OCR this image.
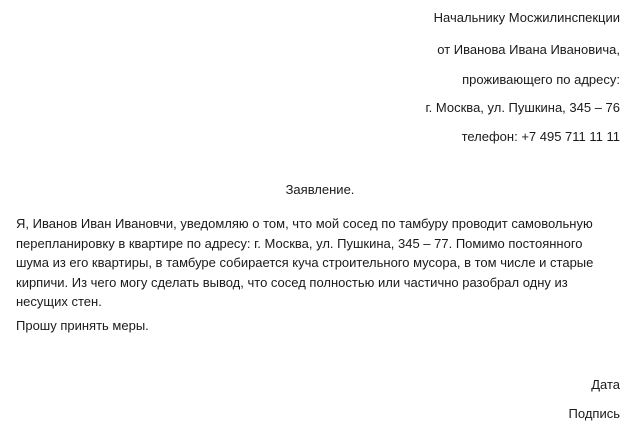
Начальнику Мосжилинспекции
от Иванова Ивана Ивановича,
проживающего по адресу:
г. Москва, ул. Пушкина, 345 – 76
телефон: +7 495 711 11 11
Заявление.
Я, Иванов Иван Ивановчи, уведомляю о том, что мой сосед по тамбуру проводит самовольную
перепланировку в квартире по адресу: г. Москва, ул. Пушкина, 345 – 77. Помимо постоянного
шума из его квартиры, в тамбуре собирается куча строительного мусора, в том числе и старые
кирпичи. Из чего могу сделать вывод, что сосед полностью или частично разобрал одну из
несущих стен.
Прошу принять меры.
Дата
Подпись
